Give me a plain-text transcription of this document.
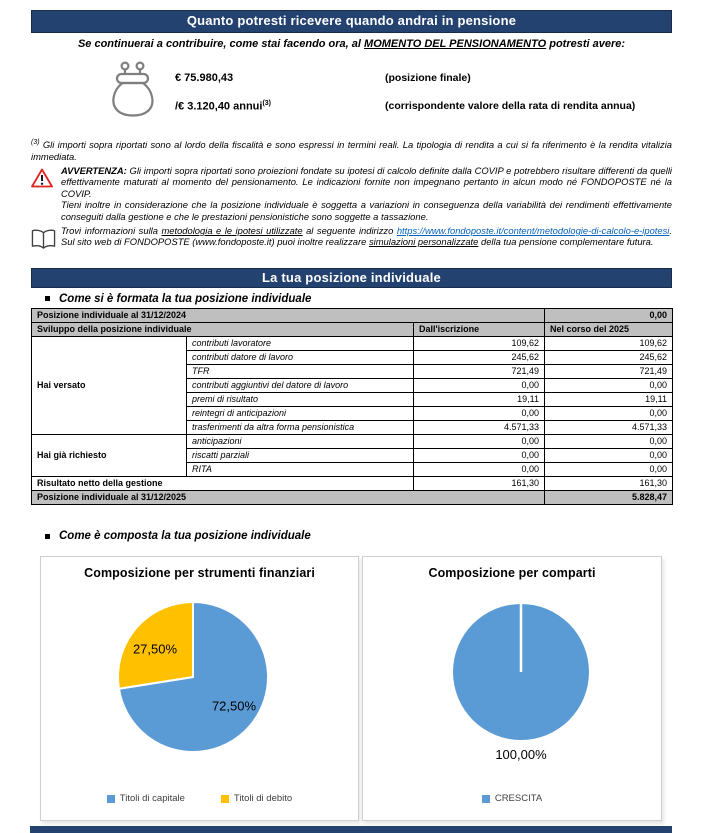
Quanto potresti ricevere quando andrai in pensione
Se continuerai a contribuire, come stai facendo ora, al MOMENTO DEL PENSIONAMENTO potresti avere:
€ 75.980,43	(posizione finale)
/€ 3.120,40 annui$^{(3)}$	(corrispondente valore della rata di rendita annua)
$^{(3)}$ Gli importi sopra riportati sono al lordo della fiscalità e sono espressi in termini reali. La tipologia di rendita a cui si fa riferimento è la rendita vitalizia immediata.
AVVERTENZA: Gli importi sopra riportati sono proiezioni fondate su ipotesi di calcolo definite dalla COVIP e potrebbero risultare differenti da quelli effettivamente maturati al momento del pensionamento. Le indicazioni fornite non impegnano pertanto in alcun modo né FONDOPOSTE né la COVIP.
Tieni inoltre in considerazione che la posizione individuale è soggetta a variazioni in conseguenza della variabilità dei rendimenti effettivamente conseguiti dalla gestione e che le prestazioni pensionistiche sono soggette a tassazione.
Trovi informazioni sulla metodologia e le ipotesi utilizzate al seguente indirizzo https://www.fondoposte.it/content/metodologie-di-calcolo-e-ipotesi. Sul sito web di FONDOPOSTE (www.fondoposte.it) puoi inoltre realizzare simulazioni personalizzate della tua pensione complementare futura.
La tua posizione individuale
Come si è formata la tua posizione individuale
Posizione individuale al 31/12/2024			0,00
Sviluppo della posizione individuale		Dall'iscrizione	Nel corso del 2025
Hai versato	contributi lavoratore	109,62	109,62
	contributi datore di lavoro	245,62	245,62
	TFR	721,49	721,49
	contributi aggiuntivi del datore di lavoro	0,00	0,00
	premi di risultato	19,11	19,11
	reintegri di anticipazioni	0,00	0,00
	trasferimenti da altra forma pensionistica	4.571,33	4.571,33
Hai già richiesto	anticipazioni	0,00	0,00
	riscatti parziali	0,00	0,00
	RITA	0,00	0,00
Risultato netto della gestione		161,30	161,30
Posizione individuale al 31/12/2025			5.828,47
Come è composta la tua posizione individuale
Composizione per strumenti finanziari
27,50%
72,50%
Titoli di capitale	Titoli di debito
Composizione per comparti
100,00%
CRESCITA
